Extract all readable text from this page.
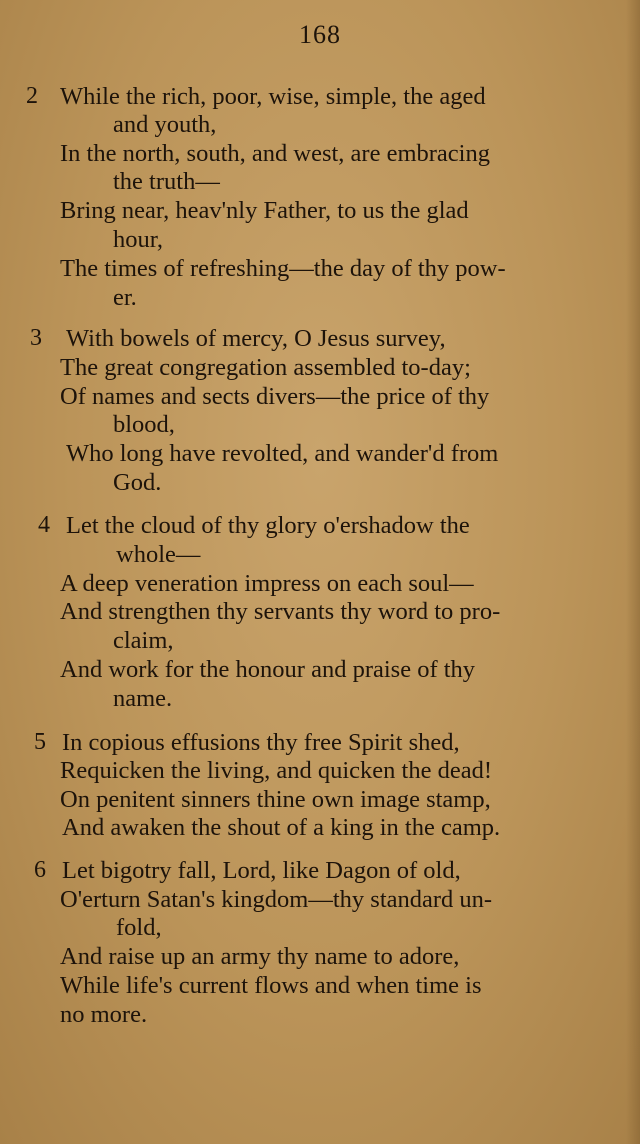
168
2 While the rich, poor, wise, simple, the aged
and youth,
In the north, south, and west, are embracing
the truth—
Bring near, heav'nly Father, to us the glad
hour,
The times of refreshing—the day of thy pow-
er.
3 With bowels of mercy, O Jesus survey,
The great congregation assembled to-day;
Of names and sects divers—the price of thy
blood,
Who long have revolted, and wander'd from
God.
4 Let the cloud of thy glory o'ershadow the
whole—
A deep veneration impress on each soul—
And strengthen thy servants thy word to pro-
claim,
And work for the honour and praise of thy
name.
5 In copious effusions thy free Spirit shed,
Requicken the living, and quicken the dead!
On penitent sinners thine own image stamp,
And awaken the shout of a king in the camp.
6 Let bigotry fall, Lord, like Dagon of old,
O'erturn Satan's kingdom—thy standard un-
fold,
And raise up an army thy name to adore,
While life's current flows and when time is
no more.
